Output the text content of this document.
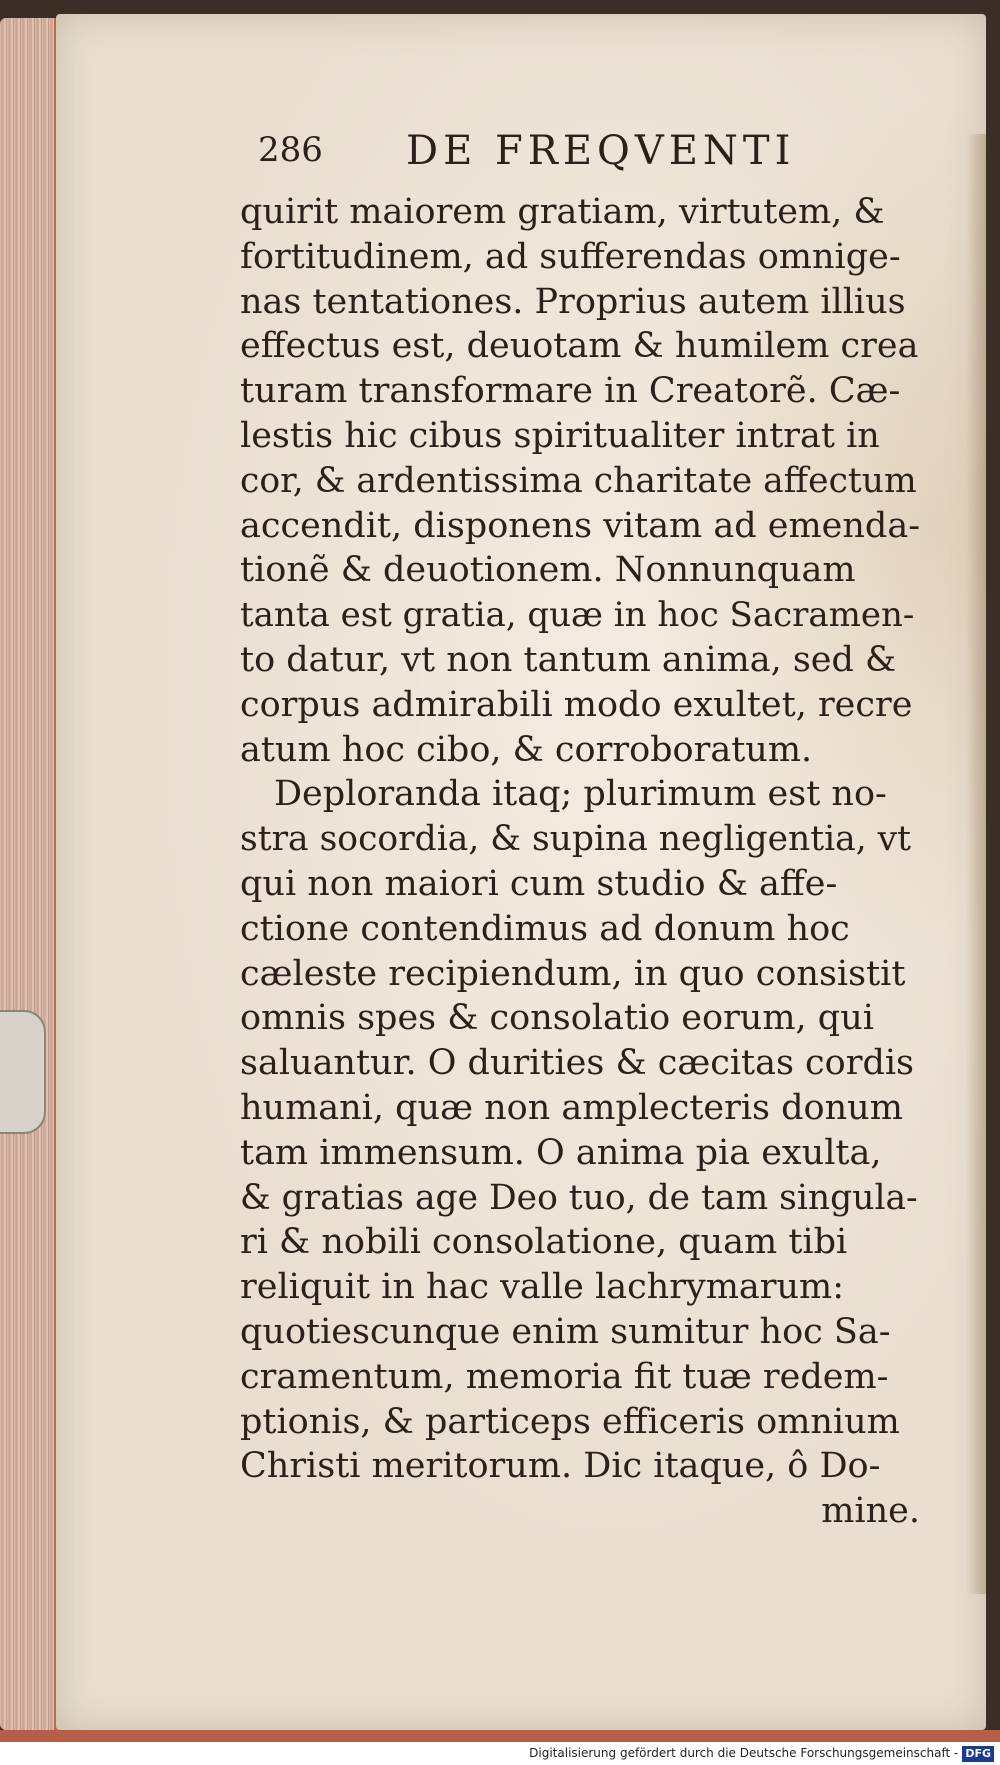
286 DE FREQVENTI
quirit maiorem gratiam, virtutem, &
fortitudinem, ad sufferendas omnige-
nas tentationes. Proprius autem illius
effectus est, deuotam & humilem crea
turam transformare in Creatorẽ. Cæ-
lestis hic cibus spiritualiter intrat in
cor, & ardentissima charitate affectum
accendit, disponens vitam ad emenda-
tionẽ & deuotionem. Nonnunquam
tanta est gratia, quæ in hoc Sacramen-
to datur, vt non tantum anima, sed &
corpus admirabili modo exultet, recre
atum hoc cibo, & corroboratum.
Deploranda itaq; plurimum est no-
stra socordia, & supina negligentia, vt
qui non maiori cum studio & affe-
ctione contendimus ad donum hoc
cæleste recipiendum, in quo consistit
omnis spes & consolatio eorum, qui
saluantur. O durities & cæcitas cordis
humani, quæ non amplecteris donum
tam immensum. O anima pia exulta,
& gratias age Deo tuo, de tam singula-
ri & nobili consolatione, quam tibi
reliquit in hac valle lachrymarum:
quotiescunque enim sumitur hoc Sa-
cramentum, memoria fit tuæ redem-
ptionis, & particeps efficeris omnium
Christi meritorum. Dic itaque, ô Do-
mine.
Digitalisierung gefördert durch die Deutsche Forschungsgemeinschaft - DFG
